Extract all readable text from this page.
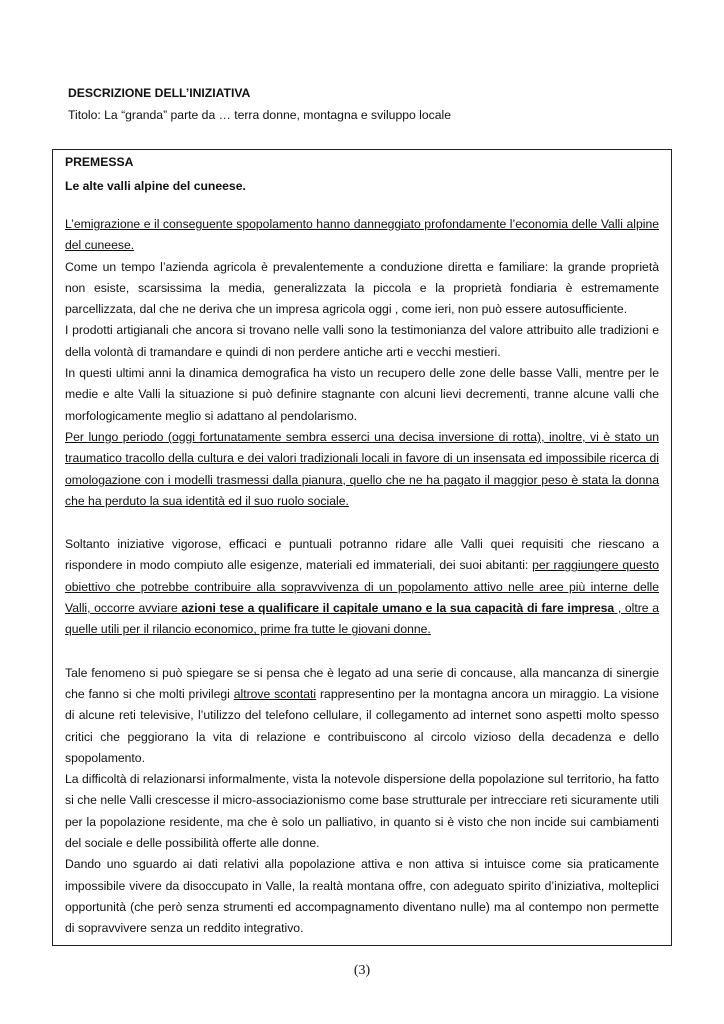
DESCRIZIONE DELL’INIZIATIVA
Titolo: La “granda” parte da … terra donne, montagna e sviluppo locale
PREMESSA
Le alte valli alpine del cuneese.

L’emigrazione e il conseguente spopolamento hanno danneggiato profondamente l’economia delle Valli alpine del cuneese.

Come un tempo l’azienda agricola è prevalentemente a conduzione diretta e familiare: la grande proprietà non esiste, scarsissima la media, generalizzata la piccola e la proprietà fondiaria è estremamente parcellizzata, dal che ne deriva che un impresa agricola oggi , come ieri, non può essere autosufficiente.

I prodotti artigianali che ancora si trovano nelle valli sono la testimonianza del valore attribuito alle tradizioni e della volontà di tramandare e quindi di non perdere antiche arti e vecchi mestieri.

In questi ultimi anni la dinamica demografica ha visto un recupero delle zone delle basse Valli, mentre per le medie e alte Valli la situazione si può definire stagnante con alcuni lievi decrementi, tranne alcune valli che morfologicamente meglio si adattano al pendolarismo.

Per lungo periodo (oggi fortunatamente sembra esserci una decisa inversione di rotta), inoltre, vi è stato un traumatico tracollo della cultura e dei valori tradizionali locali in favore di un insensata ed impossibile ricerca di omologazione con i modelli trasmessi dalla pianura, quello che ne ha pagato il maggior peso è stata la donna che ha perduto la sua identità ed il suo ruolo sociale.

Soltanto iniziative vigorose, efficaci e puntuali potranno ridare alle Valli quei requisiti che riescano a rispondere in modo compiuto alle esigenze, materiali ed immateriali, dei suoi abitanti: per raggiungere questo obiettivo che potrebbe contribuire alla sopravvivenza di un popolamento attivo nelle aree più interne delle Valli, occorre avviare azioni tese a qualificare il capitale umano e la sua capacità di fare impresa , oltre a quelle utili per il rilancio economico, prime fra tutte le giovani donne.

Tale fenomeno si può spiegare se si pensa che è legato ad una serie di concause, alla mancanza di sinergie che fanno si che molti privilegi altrove scontati rappresentino per la montagna ancora un miraggio. La visione di alcune reti televisive, l’utilizzo del telefono cellulare, il collegamento ad internet sono aspetti molto spesso critici che peggiorano la vita di relazione e contribuiscono al circolo vizioso della decadenza e dello spopolamento.

La difficoltà di relazionarsi informalmente, vista la notevole dispersione della popolazione sul territorio, ha fatto si che nelle Valli crescesse il micro-associazionismo come base strutturale per intrecciare reti sicuramente utili per la popolazione residente, ma che è solo un palliativo, in quanto si è visto che non incide sui cambiamenti del sociale e delle possibilità offerte alle donne.

Dando uno sguardo ai dati relativi alla popolazione attiva e non attiva si intuisce come sia praticamente impossibile vivere da disoccupato in Valle, la realtà montana offre, con adeguato spirito d’iniziativa, molteplici opportunità (che però senza strumenti ed accompagnamento diventano nulle) ma al contempo non permette di sopravvivere senza un reddito integrativo.

(3)
